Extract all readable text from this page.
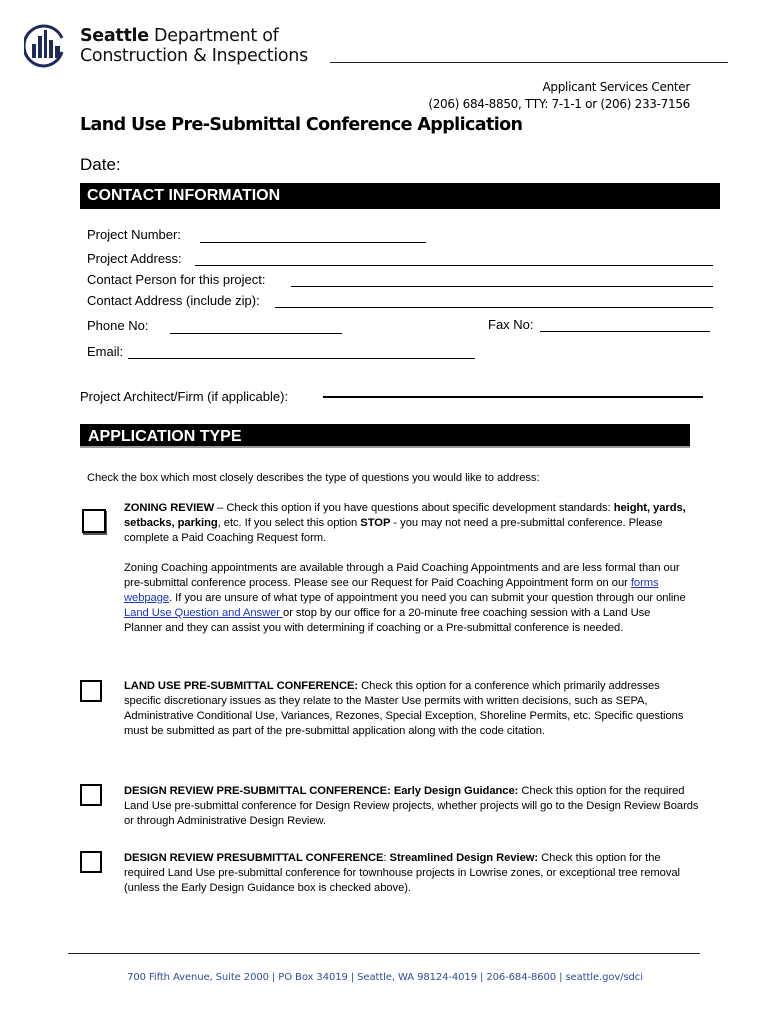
Seattle Department of
Construction & Inspections
Applicant Services Center
(206) 684-8850, TTY: 7-1-1 or (206) 233-7156
Land Use Pre-Submittal Conference Application
Date:
CONTACT INFORMATION
Project Number:
Project Address:
Contact Person for this project:
Contact Address (include zip):
Phone No:	Fax No:
Email:
Project Architect/Firm (if applicable):
APPLICATION TYPE
Check the box which most closely describes the type of questions you would like to address:

ZONING REVIEW – Check this option if you have questions about specific development standards: height, yards, setbacks, parking, etc. If you select this option STOP - you may not need a pre-submittal conference. Please complete a Paid Coaching Request form.

Zoning Coaching appointments are available through a Paid Coaching Appointments and are less formal than our pre-submittal conference process. Please see our Request for Paid Coaching Appointment form on our forms webpage. If you are unsure of what type of appointment you need you can submit your question through our online Land Use Question and Answer or stop by our office for a 20-minute free coaching session with a Land Use Planner and they can assist you with determining if coaching or a Pre-submittal conference is needed.

LAND USE PRE-SUBMITTAL CONFERENCE: Check this option for a conference which primarily addresses specific discretionary issues as they relate to the Master Use permits with written decisions, such as SEPA, Administrative Conditional Use, Variances, Rezones, Special Exception, Shoreline Permits, etc. Specific questions must be submitted as part of the pre-submittal application along with the code citation.

DESIGN REVIEW PRE-SUBMITTAL CONFERENCE: Early Design Guidance: Check this option for the required Land Use pre-submittal conference for Design Review projects, whether projects will go to the Design Review Boards or through Administrative Design Review.

DESIGN REVIEW PRESUBMITTAL CONFERENCE: Streamlined Design Review: Check this option for the required Land Use pre-submittal conference for townhouse projects in Lowrise zones, or exceptional tree removal (unless the Early Design Guidance box is checked above).

700 Fifth Avenue, Suite 2000 | PO Box 34019 | Seattle, WA 98124-4019 | 206-684-8600 | seattle.gov/sdci
